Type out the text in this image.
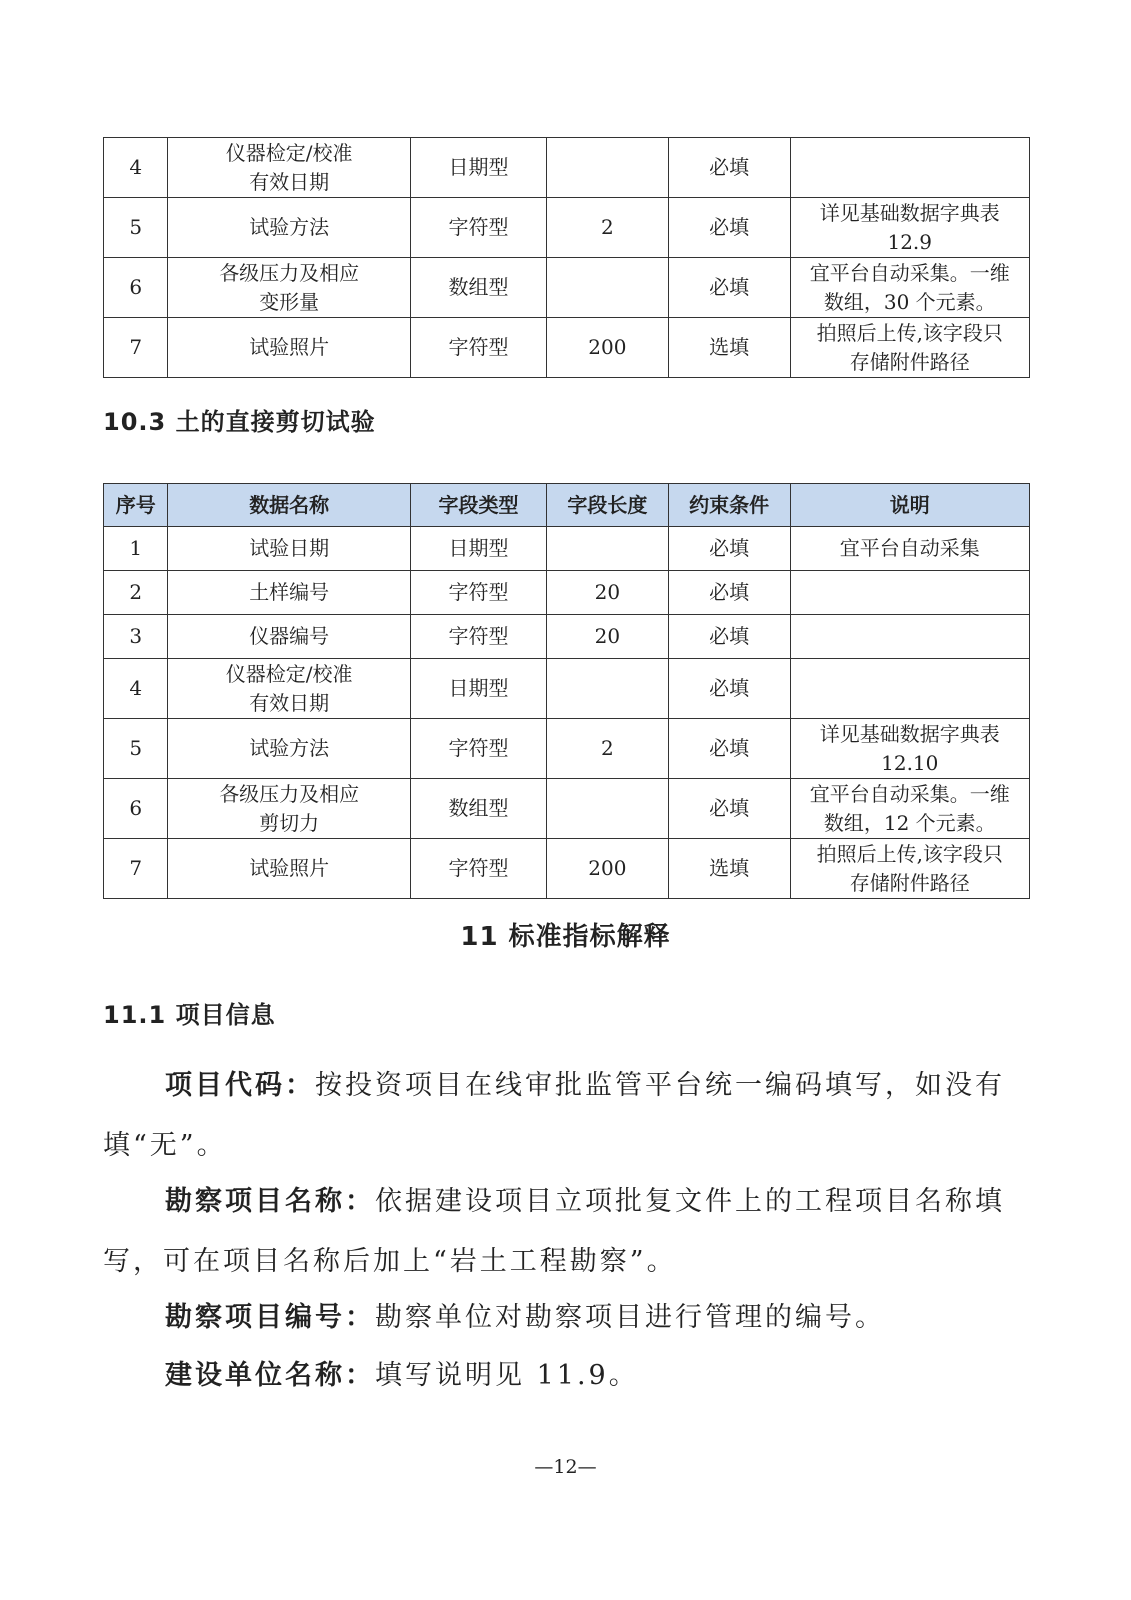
4	仪器检定/校准
有效日期	日期型		必填	
5	试验方法	字符型	2	必填	详见基础数据字典表
12.9
6	各级压力及相应
变形量	数组型		必填	宜平台自动采集。一维
数组，30 个元素。
7	试验照片	字符型	200	选填	拍照后上传,该字段只
存储附件路径
10.3 土的直接剪切试验
序号	数据名称	字段类型	字段长度	约束条件	说明
1	试验日期	日期型		必填	宜平台自动采集
2	土样编号	字符型	20	必填	
3	仪器编号	字符型	20	必填	
4	仪器检定/校准
有效日期	日期型		必填	
5	试验方法	字符型	2	必填	详见基础数据字典表
12.10
6	各级压力及相应
剪切力	数组型		必填	宜平台自动采集。一维
数组，12 个元素。
7	试验照片	字符型	200	选填	拍照后上传,该字段只
存储附件路径
11 标准指标解释
11.1 项目信息

项目代码：按投资项目在线审批监管平台统一编码填写，如没有填“无”。

勘察项目名称：依据建设项目立项批复文件上的工程项目名称填写，可在项目名称后加上“岩土工程勘察”。

勘察项目编号：勘察单位对勘察项目进行管理的编号。

建设单位名称：填写说明见 11.9。

—12—
